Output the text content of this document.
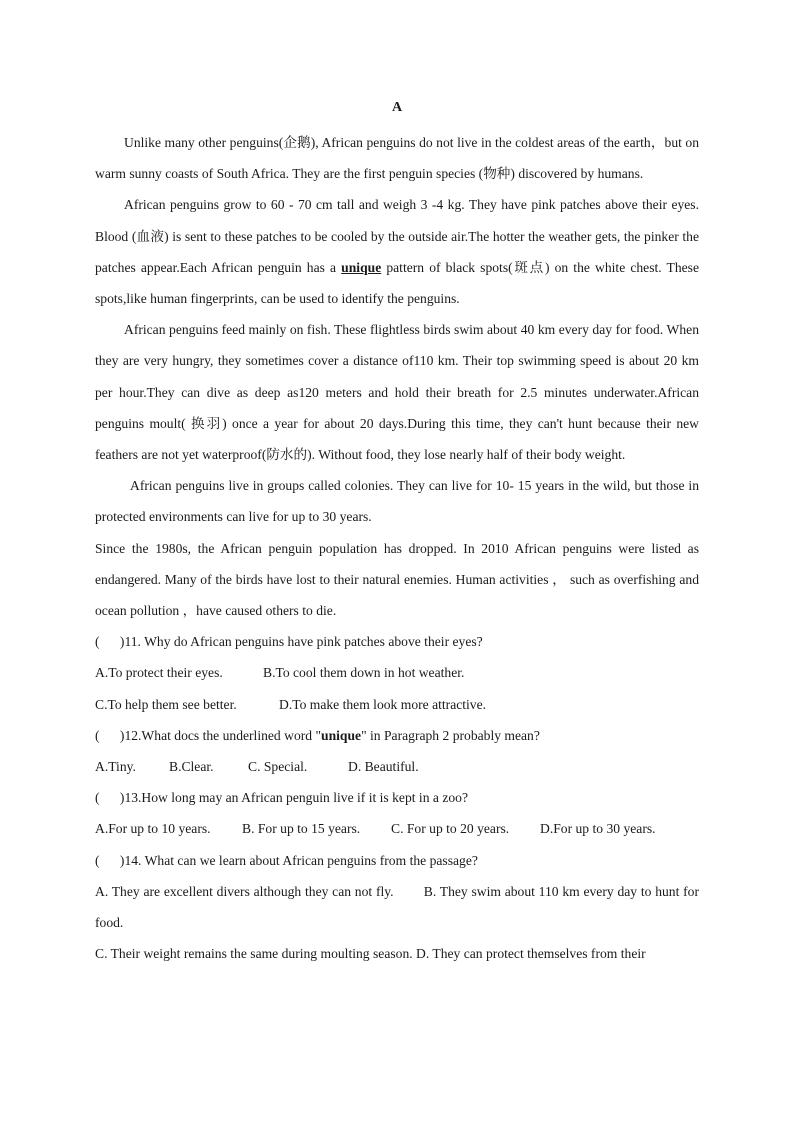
A

Unlike many other penguins(企鹅), African penguins do not live in the coldest areas of the earth，but on warm sunny coasts of South Africa. They are the first penguin species (物种) discovered by humans.

African penguins grow to 60 - 70 cm tall and weigh 3 -4 kg. They have pink patches above their eyes. Blood (血液) is sent to these patches to be cooled by the outside air.The hotter the weather gets, the pinker the patches appear.Each African penguin has a unique pattern of black spots(斑点) on the white chest. These spots,like human fingerprints, can be used to identify the penguins.

African penguins feed mainly on fish. These flightless birds swim about 40 km every day for food. When they are very hungry, they sometimes cover a distance of110 km. Their top swimming speed is about 20 km per hour.They can dive as deep as120 meters and hold their breath for 2.5 minutes underwater.African penguins moult( 换羽) once a year for about 20 days.During this time, they can't hunt because their new feathers are not yet waterproof(防水的). Without food, they lose nearly half of their body weight.

African penguins live in groups called colonies. They can live for 10- 15 years in the wild, but those in protected environments can live for up to 30 years.

Since the 1980s, the African penguin population has dropped. In 2010 African penguins were listed as endangered. Many of the birds have lost to their natural enemies. Human activities ， such as overfishing and ocean pollution ，have caused others to die.

(      )11. Why do African penguins have pink patches above their eyes?

A.To protect their eyes.	B.To cool them down in hot weather.
C.To help them see better.	D.To make them look more attractive.

(      )12.What docs the underlined word "unique" in Paragraph 2 probably mean?

A.Tiny.	B.Clear.	C. Special.	D. Beautiful.

(      )13.How long may an African penguin live if it is kept in a zoo?

A.For up to 10 years.	B. For up to 15 years.	C. For up to 20 years.	D.For up to 30 years.

(      )14. What can we learn about African penguins from the passage?

A. They are excellent divers although they can not fly.        B. They swim about 110 km every day to hunt for food.

C. Their weight remains the same during moulting season. D. They can protect themselves from their
